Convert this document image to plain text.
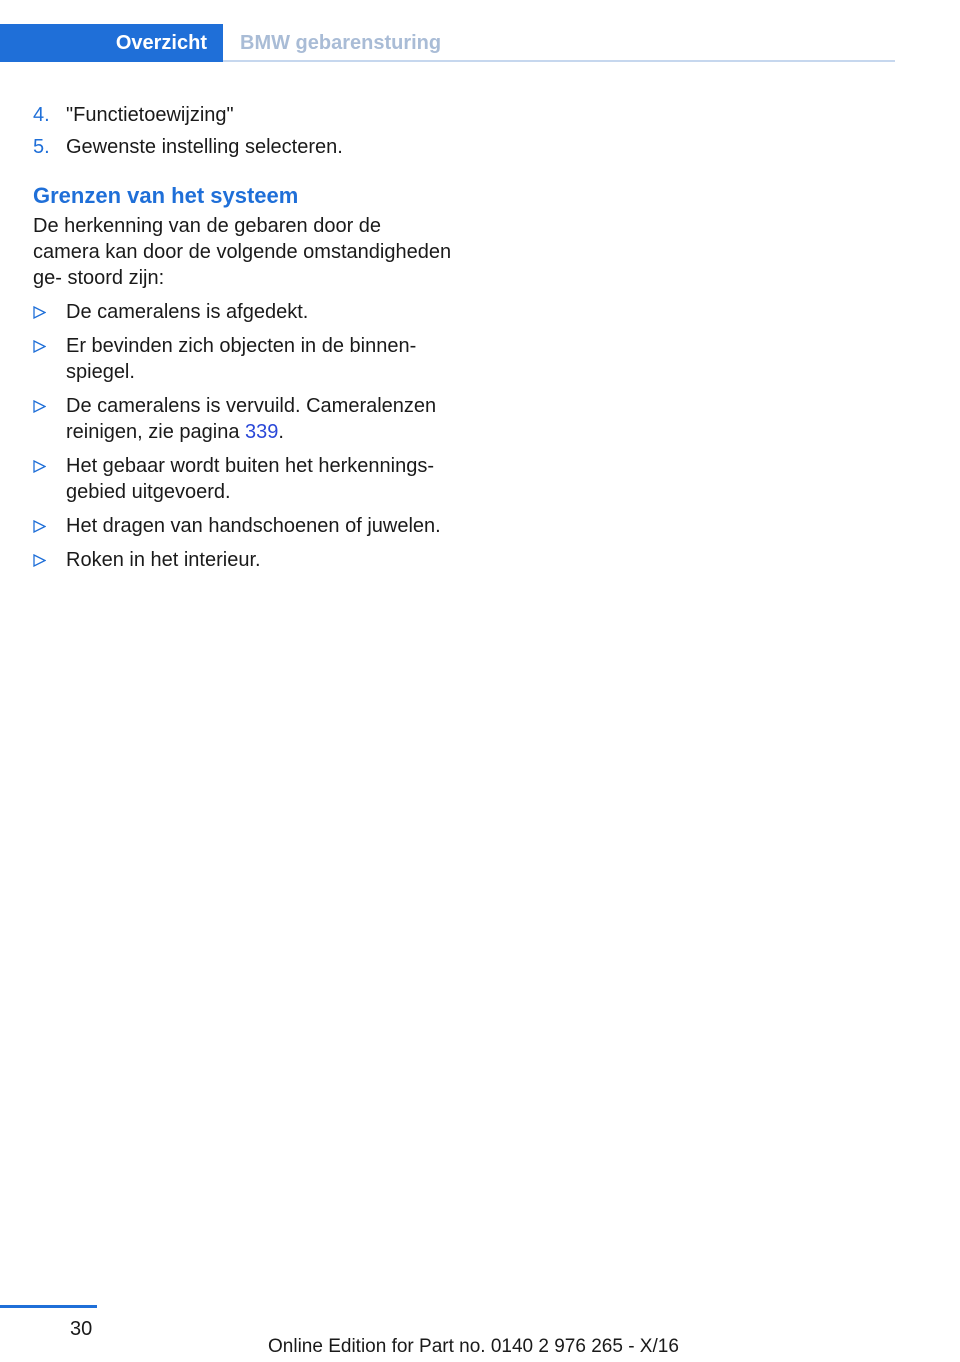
Overzicht BMW gebarensturing
4. "Functietoewijzing"
5. Gewenste instelling selecteren.
Grenzen van het systeem
De herkenning van de gebaren door de camera kan door de volgende omstandigheden ge‐ stoord zijn:
De cameralens is afgedekt.
Er bevinden zich objecten in de binnen‐ spiegel.
De cameralens is vervuild. Cameralenzen reinigen, zie pagina 339.
Het gebaar wordt buiten het herkennings‐ gebied uitgevoerd.
Het dragen van handschoenen of juwelen.
Roken in het interieur.
30
Online Edition for Part no. 0140 2 976 265 - X/16
